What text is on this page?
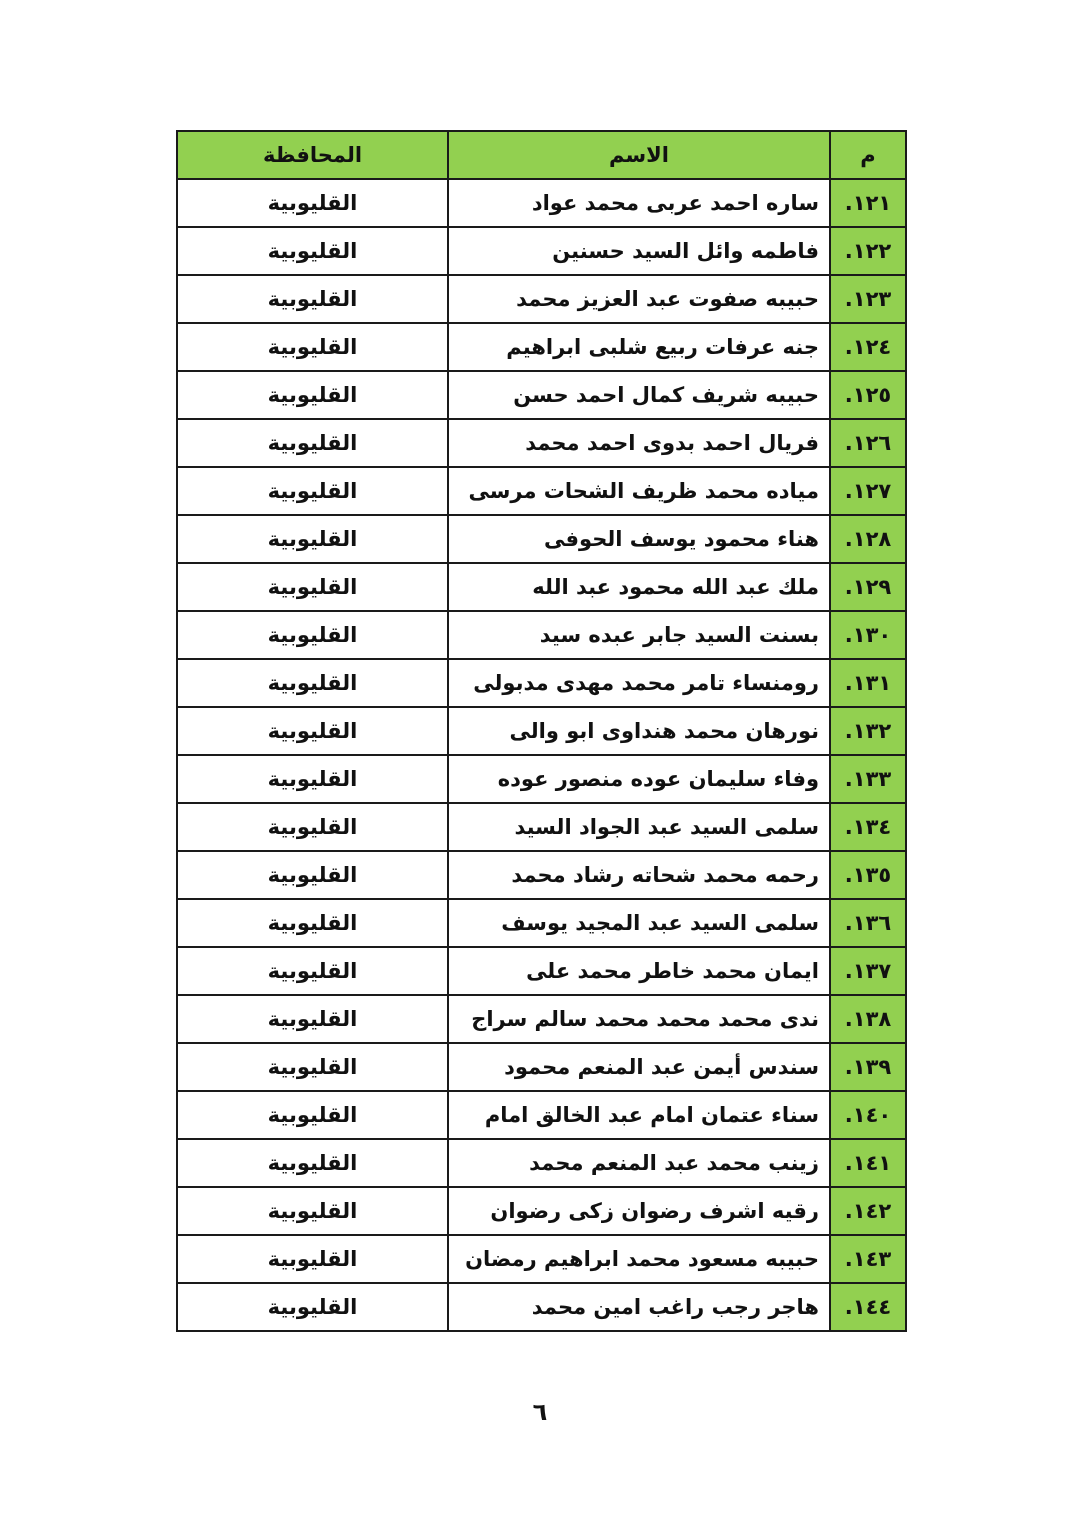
م	الاسم	المحافظة
١٢١.	ساره احمد عربى محمد عواد	القليوبية
١٢٢.	فاطمه وائل السيد حسنين	القليوبية
١٢٣.	حبيبه صفوت عبد العزيز محمد	القليوبية
١٢٤.	جنه عرفات ربيع شلبى ابراهيم	القليوبية
١٢٥.	حبيبه شريف كمال احمد حسن	القليوبية
١٢٦.	فريال احمد بدوى احمد محمد	القليوبية
١٢٧.	مياده محمد ظريف الشحات مرسى	القليوبية
١٢٨.	هناء محمود يوسف الحوفى	القليوبية
١٢٩.	ملك عبد الله محمود عبد الله	القليوبية
١٣٠.	بسنت السيد جابر عبده سيد	القليوبية
١٣١.	رومنساء تامر محمد مهدى مدبولى	القليوبية
١٣٢.	نورهان محمد هنداوى ابو والى	القليوبية
١٣٣.	وفاء سليمان عوده منصور عوده	القليوبية
١٣٤.	سلمى السيد عبد الجواد السيد	القليوبية
١٣٥.	رحمه محمد شحاته رشاد محمد	القليوبية
١٣٦.	سلمى السيد عبد المجيد يوسف	القليوبية
١٣٧.	ايمان محمد خاطر محمد على	القليوبية
١٣٨.	ندى محمد محمد محمد سالم سراج	القليوبية
١٣٩.	سندس أيمن عبد المنعم محمود	القليوبية
١٤٠.	سناء عتمان امام عبد الخالق امام	القليوبية
١٤١.	زينب محمد عبد المنعم محمد	القليوبية
١٤٢.	رقيه اشرف رضوان زكى رضوان	القليوبية
١٤٣.	حبيبه مسعود محمد ابراهيم رمضان	القليوبية
١٤٤.	هاجر رجب راغب امين محمد	القليوبية
٦
